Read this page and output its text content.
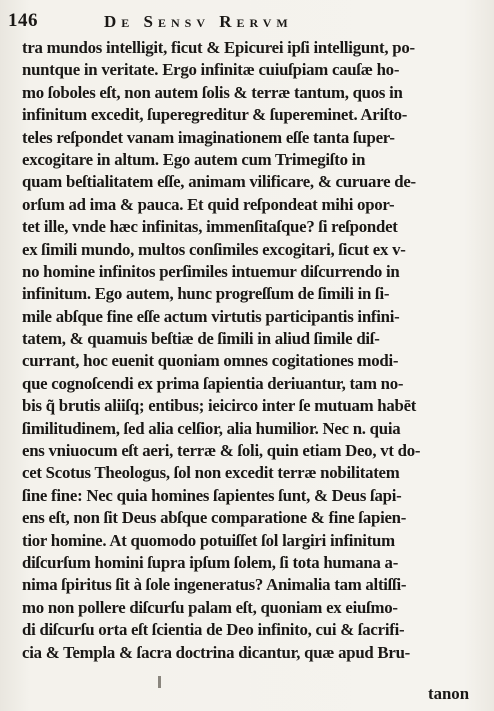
146	De Sensv Rervm
tra mundos intelligit, ficut & Epicurei ipſi intelligunt, po-
nuntque in veritate. Ergo infinitæ cuiuſpiam cauſæ ho-
mo ſoboles eſt, non autem ſolis & terræ tantum, quos in
infinitum excedit, ſuperegreditur & ſupereminet. Ariſto-
teles reſpondet vanam imaginationem eſſe tanta ſuper-
excogitare in altum. Ego autem cum Trimegiſto in
quam beſtialitatem eſſe, animam vilificare, & curuare de-
orſum ad ima & pauca. Et quid reſpondeat mihi opor-
tet ille, vnde hæc infinitas, immenſitaſque? ſi reſpondet
ex ſimili mundo, multos conſimiles excogitari, ſicut ex v-
no homine infinitos perſimiles intuemur diſcurrendo in
infinitum. Ego autem, hunc progreſſum de ſimili in ſi-
mile abſque fine eſſe actum virtutis participantis infini-
tatem, & quamuis beſtiæ de ſimili in aliud ſimile diſ-
currant, hoc euenit quoniam omnes cogitationes modi-
que cognoſcendi ex prima ſapientia deriuantur, tam no-
bis q̃ brutis aliiſq; entibus; ieicirco inter ſe mutuam habēt
ſimilitudinem, ſed alia celſior, alia humilior. Nec n. quia
ens vniuocum eſt aeri, terræ & ſoli, quin etiam Deo, vt do-
cet Scotus Theologus, ſol non excedit terræ nobilitatem
ſine fine: Nec quia homines ſapientes ſunt, & Deus ſapi-
ens eſt, non ſit Deus abſque comparatione & fine ſapien-
tior homine. At quomodo potuiſſet ſol largiri infinitum
diſcurſum homini ſupra ipſum ſolem, ſi tota humana a-
nima ſpiritus ſit à ſole ingeneratus? Animalia tam altiſſi-
mo non pollere diſcurſu palam eſt, quoniam ex eiuſmo-
di diſcurſu orta eſt ſcientia de Deo infinito, cui & ſacrifi-
cia & Templa & ſacra doctrina dicantur, quæ apud Bru-
tanon
